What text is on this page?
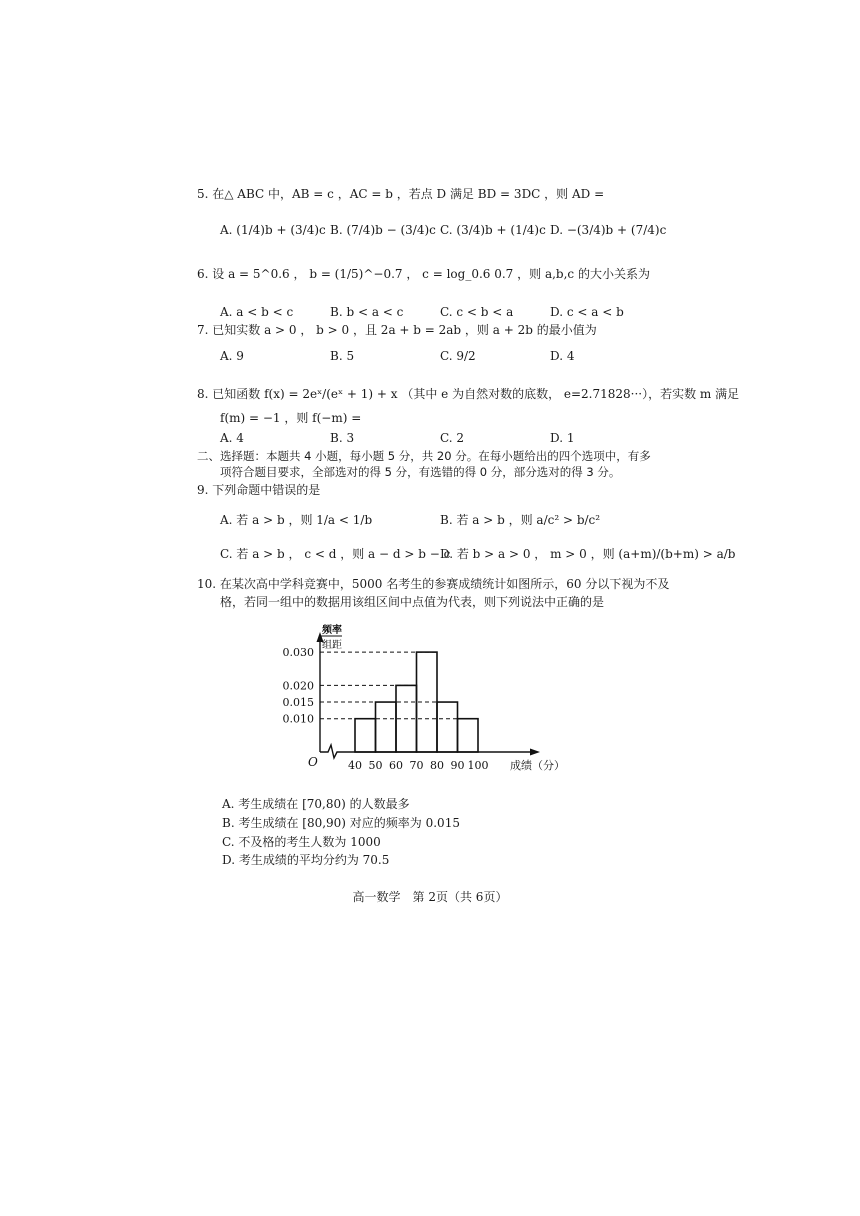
5. 在△ ABC 中，AB = c ，AC = b ，若点 D 满足 BD = 3DC ，则 AD =
A. (1/4)b + (3/4)c B. (7/4)b − (3/4)c C. (3/4)b + (1/4)c D. −(3/4)b + (7/4)c
6. 设 a = 5^0.6 ， b = (1/5)^−0.7 ， c = log_0.6 0.7 ，则 a,b,c 的大小关系为
A. a < b < c	B. b < a < c	C. c < b < a	D. c < a < b
7. 已知实数 a > 0 ， b > 0 ，且 2a + b = 2ab ，则 a + 2b 的最小值为
A. 9	B. 5	C. 9/2	D. 4
8. 已知函数 f(x) = 2eˣ/(eˣ + 1) + x （其中 e 为自然对数的底数， e=2.71828···），若实数 m 满足
f(m) = −1 ，则 f(−m) =
A. 4	B. 3	C. 2	D. 1
二、选择题：本题共 4 小题，每小题 5 分，共 20 分。在每小题给出的四个选项中，有多
项符合题目要求，全部选对的得 5 分，有选错的得 0 分，部分选对的得 3 分。
9. 下列命题中错误的是
A. 若 a > b ，则 1/a < 1/b	B. 若 a > b ，则 a/c² > b/c²
C. 若 a > b ， c < d ，则 a − d > b − c
D. 若 b > a > 0 ， m > 0 ，则 (a+m)/(b+m) > a/b
10. 在某次高中学科竞赛中，5000 名考生的参赛成绩统计如图所示，60 分以下视为不及
格，若同一组中的数据用该组区间中点值为代表，则下列说法中正确的是
0.010
0.015
0.020
0.030
O	40 50 60 70 80 90 100 成绩（分）
频率
组距
A. 考生成绩在 [70,80) 的人数最多
B. 考生成绩在 [80,90) 对应的频率为 0.015
C. 不及格的考生人数为 1000
D. 考生成绩的平均分约为 70.5
高一数学　第 2页（共 6页）
